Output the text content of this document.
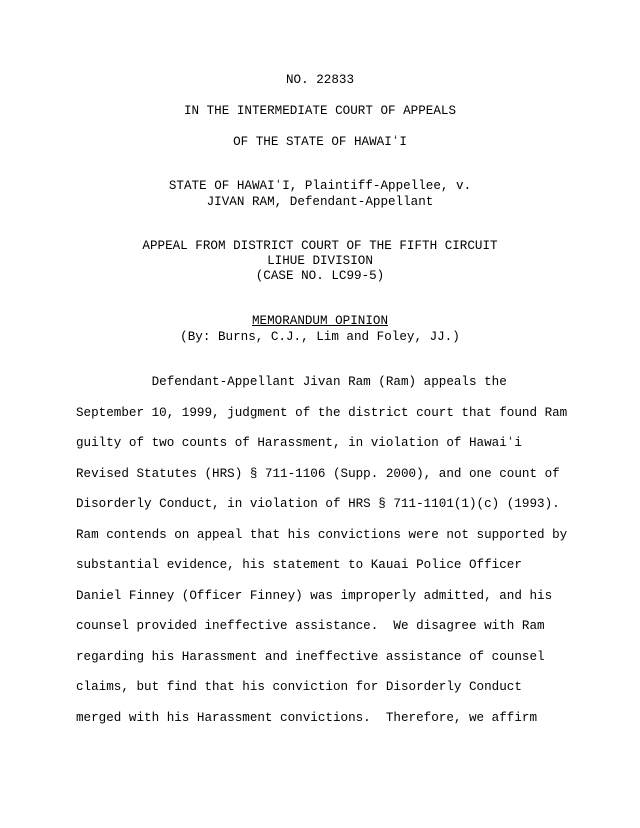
NO. 22833
IN THE INTERMEDIATE COURT OF APPEALS
OF THE STATE OF HAWAIʻI
STATE OF HAWAIʻI, Plaintiff-Appellee, v.
JIVAN RAM, Defendant-Appellant
APPEAL FROM DISTRICT COURT OF THE FIFTH CIRCUIT
LIHUE DIVISION
(CASE NO. LC99-5)
MEMORANDUM OPINION
(By: Burns, C.J., Lim and Foley, JJ.)
Defendant-Appellant Jivan Ram (Ram) appeals the
September 10, 1999, judgment of the district court that found Ram
guilty of two counts of Harassment, in violation of Hawaiʻi
Revised Statutes (HRS) § 711-1106 (Supp. 2000), and one count of
Disorderly Conduct, in violation of HRS § 711-1101(1)(c) (1993).
Ram contends on appeal that his convictions were not supported by
substantial evidence, his statement to Kauai Police Officer
Daniel Finney (Officer Finney) was improperly admitted, and his
counsel provided ineffective assistance.  We disagree with Ram
regarding his Harassment and ineffective assistance of counsel
claims, but find that his conviction for Disorderly Conduct
merged with his Harassment convictions.  Therefore, we affirm
